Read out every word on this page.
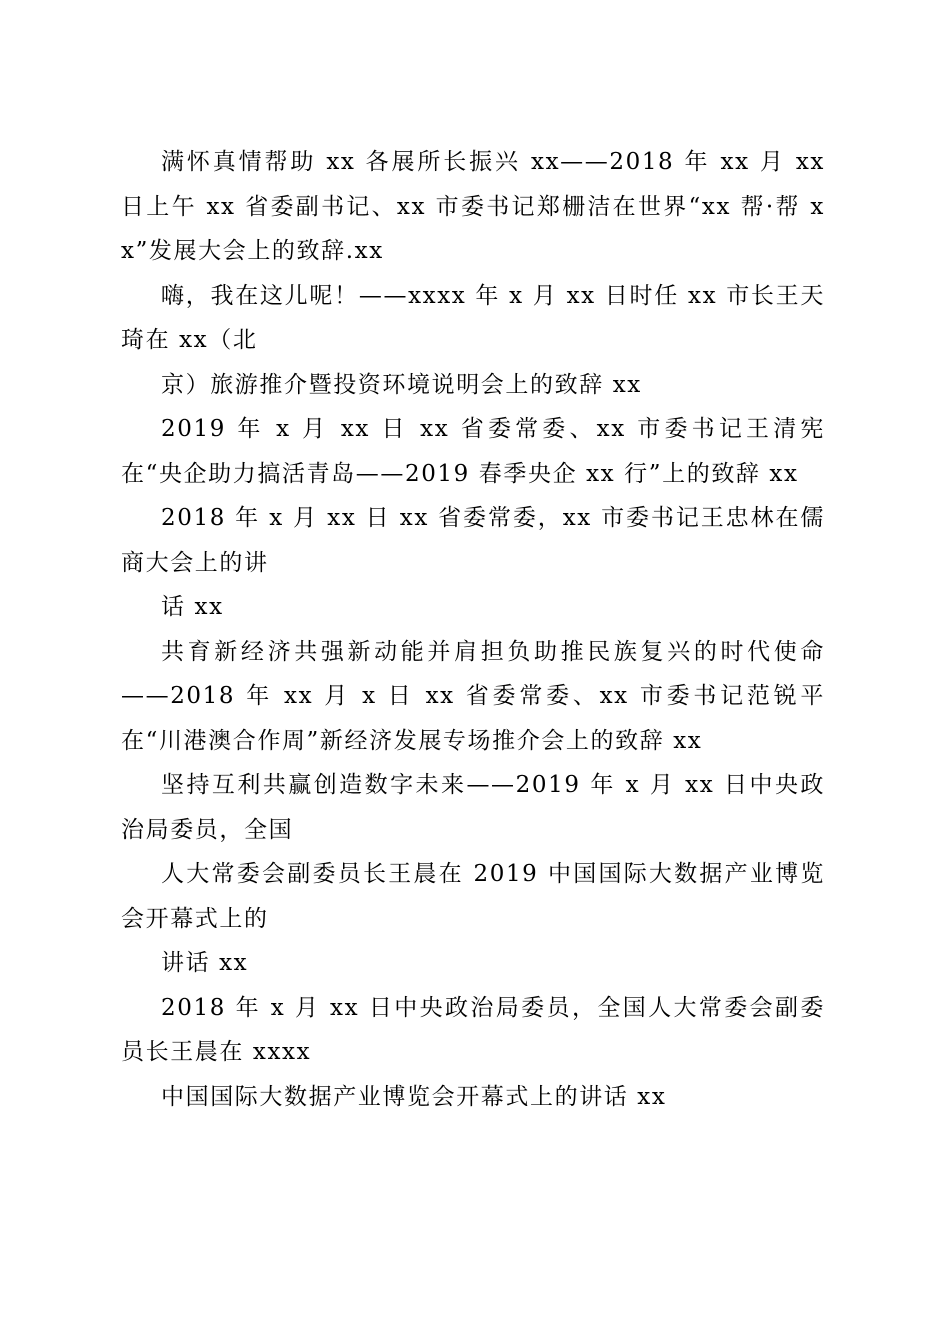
满怀真情帮助 xx 各展所长振兴 xx——2018 年 xx 月 xx 日上午 xx 省委副书记、xx 市委书记郑栅洁在世界“xx 帮·帮 xx”发展大会上的致辞.xx

嗨，我在这儿呢！——xxxx 年 x 月 xx 日时任 xx 市长王天琦在 xx（北

京）旅游推介暨投资环境说明会上的致辞 xx

2019 年 x 月 xx 日 xx 省委常委、xx 市委书记王清宪在“央企助力搞活青岛——2019 春季央企 xx 行”上的致辞 xx

2018 年 x 月 xx 日 xx 省委常委，xx 市委书记王忠林在儒商大会上的讲

话 xx

共育新经济共强新动能并肩担负助推民族复兴的时代使命——2018 年 xx 月 x 日 xx 省委常委、xx 市委书记范锐平在“川港澳合作周”新经济发展专场推介会上的致辞 xx

坚持互利共赢创造数字未来——2019 年 x 月 xx 日中央政治局委员，全国

人大常委会副委员长王晨在 2019 中国国际大数据产业博览会开幕式上的

讲话 xx

2018 年 x 月 xx 日中央政治局委员，全国人大常委会副委员长王晨在 xxxx

中国国际大数据产业博览会开幕式上的讲话 xx
